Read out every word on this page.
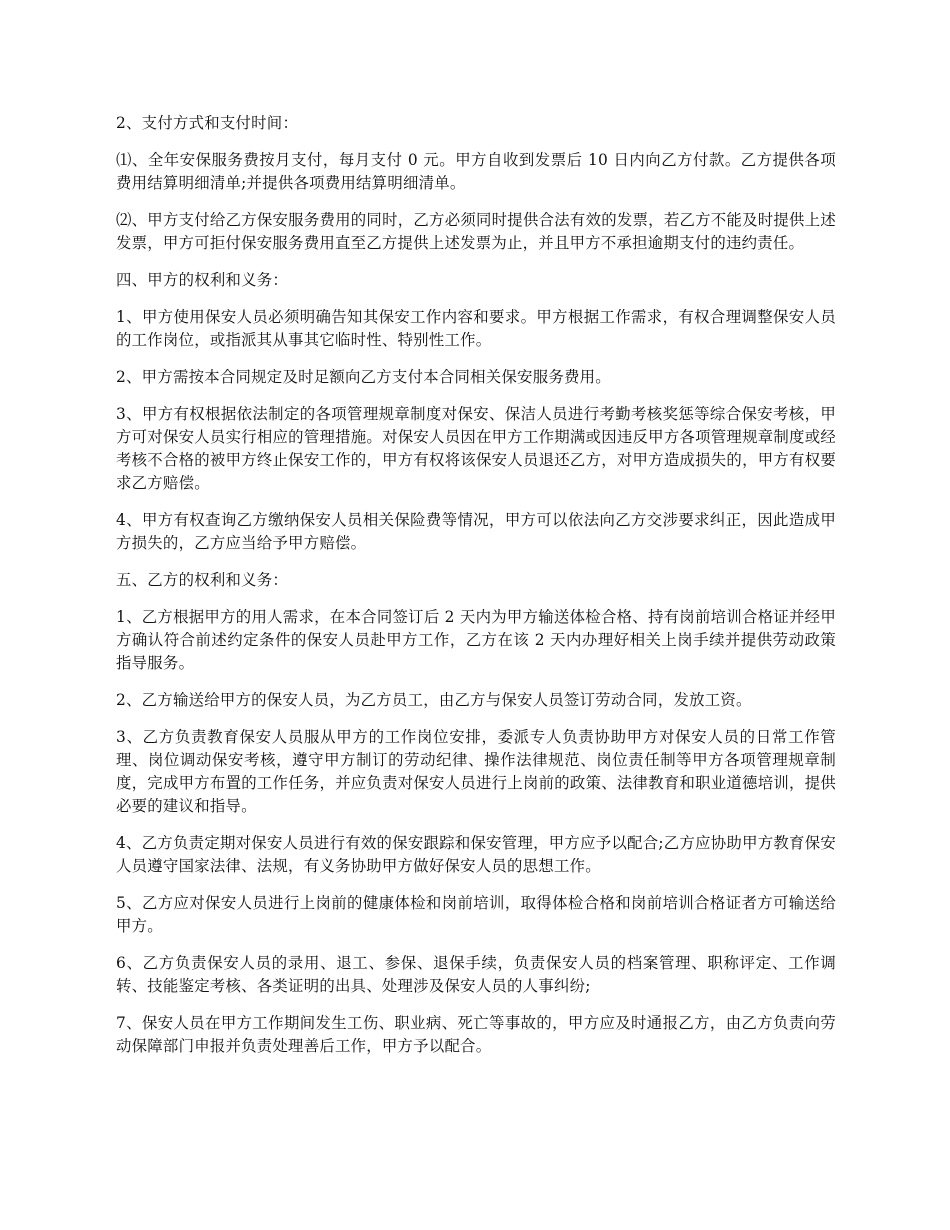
2、支付方式和支付时间：

⑴、全年安保服务费按月支付，每月支付 0 元。甲方自收到发票后 10 日内向乙方付款。乙方提供各项费用结算明细清单;并提供各项费用结算明细清单。

⑵、甲方支付给乙方保安服务费用的同时，乙方必须同时提供合法有效的发票，若乙方不能及时提供上述发票，甲方可拒付保安服务费用直至乙方提供上述发票为止，并且甲方不承担逾期支付的违约责任。

四、甲方的权利和义务：

1、甲方使用保安人员必须明确告知其保安工作内容和要求。甲方根据工作需求，有权合理调整保安人员的工作岗位，或指派其从事其它临时性、特别性工作。

2、甲方需按本合同规定及时足额向乙方支付本合同相关保安服务费用。

3、甲方有权根据依法制定的各项管理规章制度对保安、保洁人员进行考勤考核奖惩等综合保安考核，甲方可对保安人员实行相应的管理措施。对保安人员因在甲方工作期满或因违反甲方各项管理规章制度或经考核不合格的被甲方终止保安工作的，甲方有权将该保安人员退还乙方，对甲方造成损失的，甲方有权要求乙方赔偿。

4、甲方有权查询乙方缴纳保安人员相关保险费等情况，甲方可以依法向乙方交涉要求纠正，因此造成甲方损失的，乙方应当给予甲方赔偿。

五、乙方的权利和义务：

1、乙方根据甲方的用人需求，在本合同签订后 2 天内为甲方输送体检合格、持有岗前培训合格证并经甲方确认符合前述约定条件的保安人员赴甲方工作，乙方在该 2 天内办理好相关上岗手续并提供劳动政策指导服务。

2、乙方输送给甲方的保安人员，为乙方员工，由乙方与保安人员签订劳动合同，发放工资。

3、乙方负责教育保安人员服从甲方的工作岗位安排，委派专人负责协助甲方对保安人员的日常工作管理、岗位调动保安考核，遵守甲方制订的劳动纪律、操作法律规范、岗位责任制等甲方各项管理规章制度，完成甲方布置的工作任务，并应负责对保安人员进行上岗前的政策、法律教育和职业道德培训，提供必要的建议和指导。

4、乙方负责定期对保安人员进行有效的保安跟踪和保安管理，甲方应予以配合;乙方应协助甲方教育保安人员遵守国家法律、法规，有义务协助甲方做好保安人员的思想工作。

5、乙方应对保安人员进行上岗前的健康体检和岗前培训，取得体检合格和岗前培训合格证者方可输送给甲方。

6、乙方负责保安人员的录用、退工、参保、退保手续，负责保安人员的档案管理、职称评定、工作调转、技能鉴定考核、各类证明的出具、处理涉及保安人员的人事纠纷;

7、保安人员在甲方工作期间发生工伤、职业病、死亡等事故的，甲方应及时通报乙方，由乙方负责向劳动保障部门申报并负责处理善后工作，甲方予以配合。
